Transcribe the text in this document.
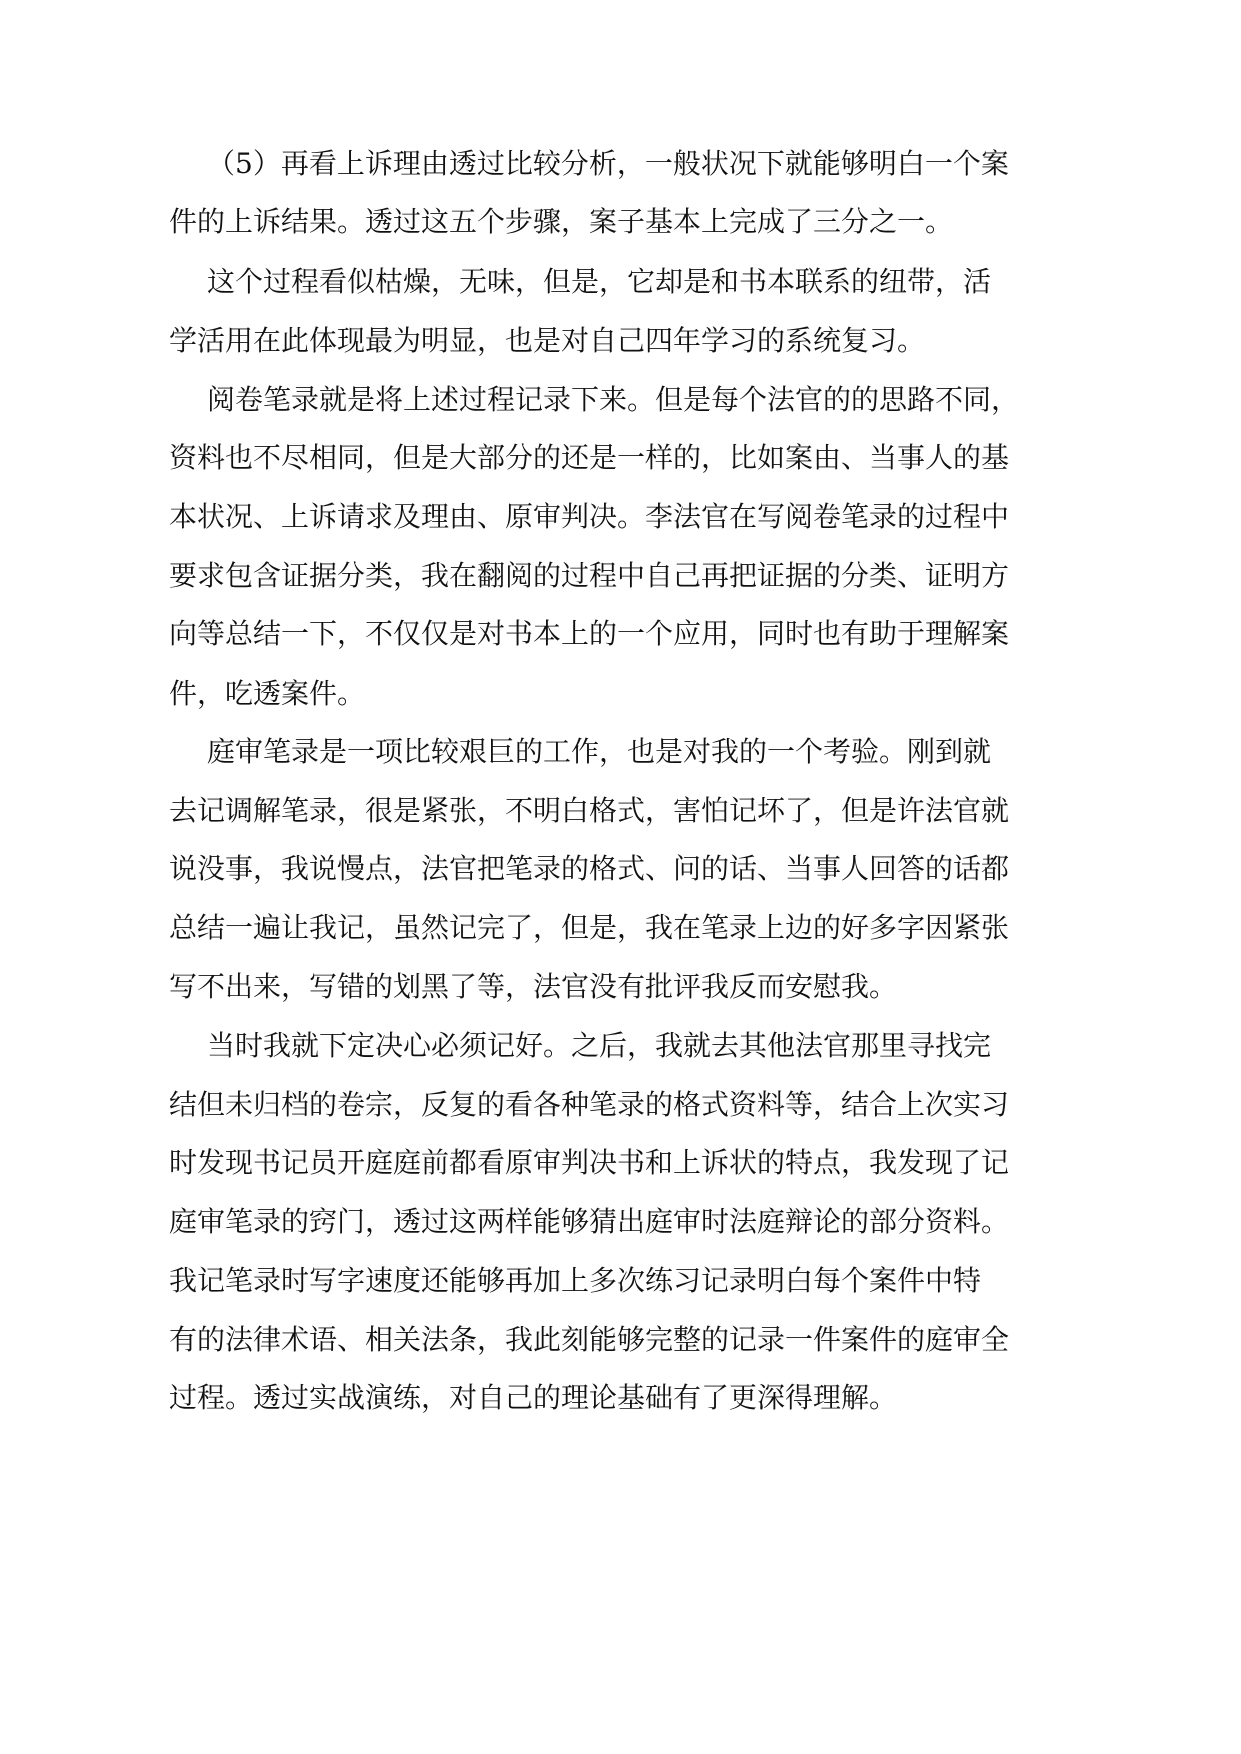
（5）再看上诉理由透过比较分析，一般状况下就能够明白一个案
件的上诉结果。透过这五个步骤，案子基本上完成了三分之一。
这个过程看似枯燥，无味，但是，它却是和书本联系的纽带，活
学活用在此体现最为明显，也是对自己四年学习的系统复习。
阅卷笔录就是将上述过程记录下来。但是每个法官的的思路不同，
资料也不尽相同，但是大部分的还是一样的，比如案由、当事人的基
本状况、上诉请求及理由、原审判决。李法官在写阅卷笔录的过程中
要求包含证据分类，我在翻阅的过程中自己再把证据的分类、证明方
向等总结一下，不仅仅是对书本上的一个应用，同时也有助于理解案
件，吃透案件。
庭审笔录是一项比较艰巨的工作，也是对我的一个考验。刚到就
去记调解笔录，很是紧张，不明白格式，害怕记坏了，但是许法官就
说没事，我说慢点，法官把笔录的格式、问的话、当事人回答的话都
总结一遍让我记，虽然记完了，但是，我在笔录上边的好多字因紧张
写不出来，写错的划黑了等，法官没有批评我反而安慰我。
当时我就下定决心必须记好。之后，我就去其他法官那里寻找完
结但未归档的卷宗，反复的看各种笔录的格式资料等，结合上次实习
时发现书记员开庭庭前都看原审判决书和上诉状的特点，我发现了记
庭审笔录的窍门，透过这两样能够猜出庭审时法庭辩论的部分资料。
我记笔录时写字速度还能够再加上多次练习记录明白每个案件中特
有的法律术语、相关法条，我此刻能够完整的记录一件案件的庭审全
过程。透过实战演练，对自己的理论基础有了更深得理解。
